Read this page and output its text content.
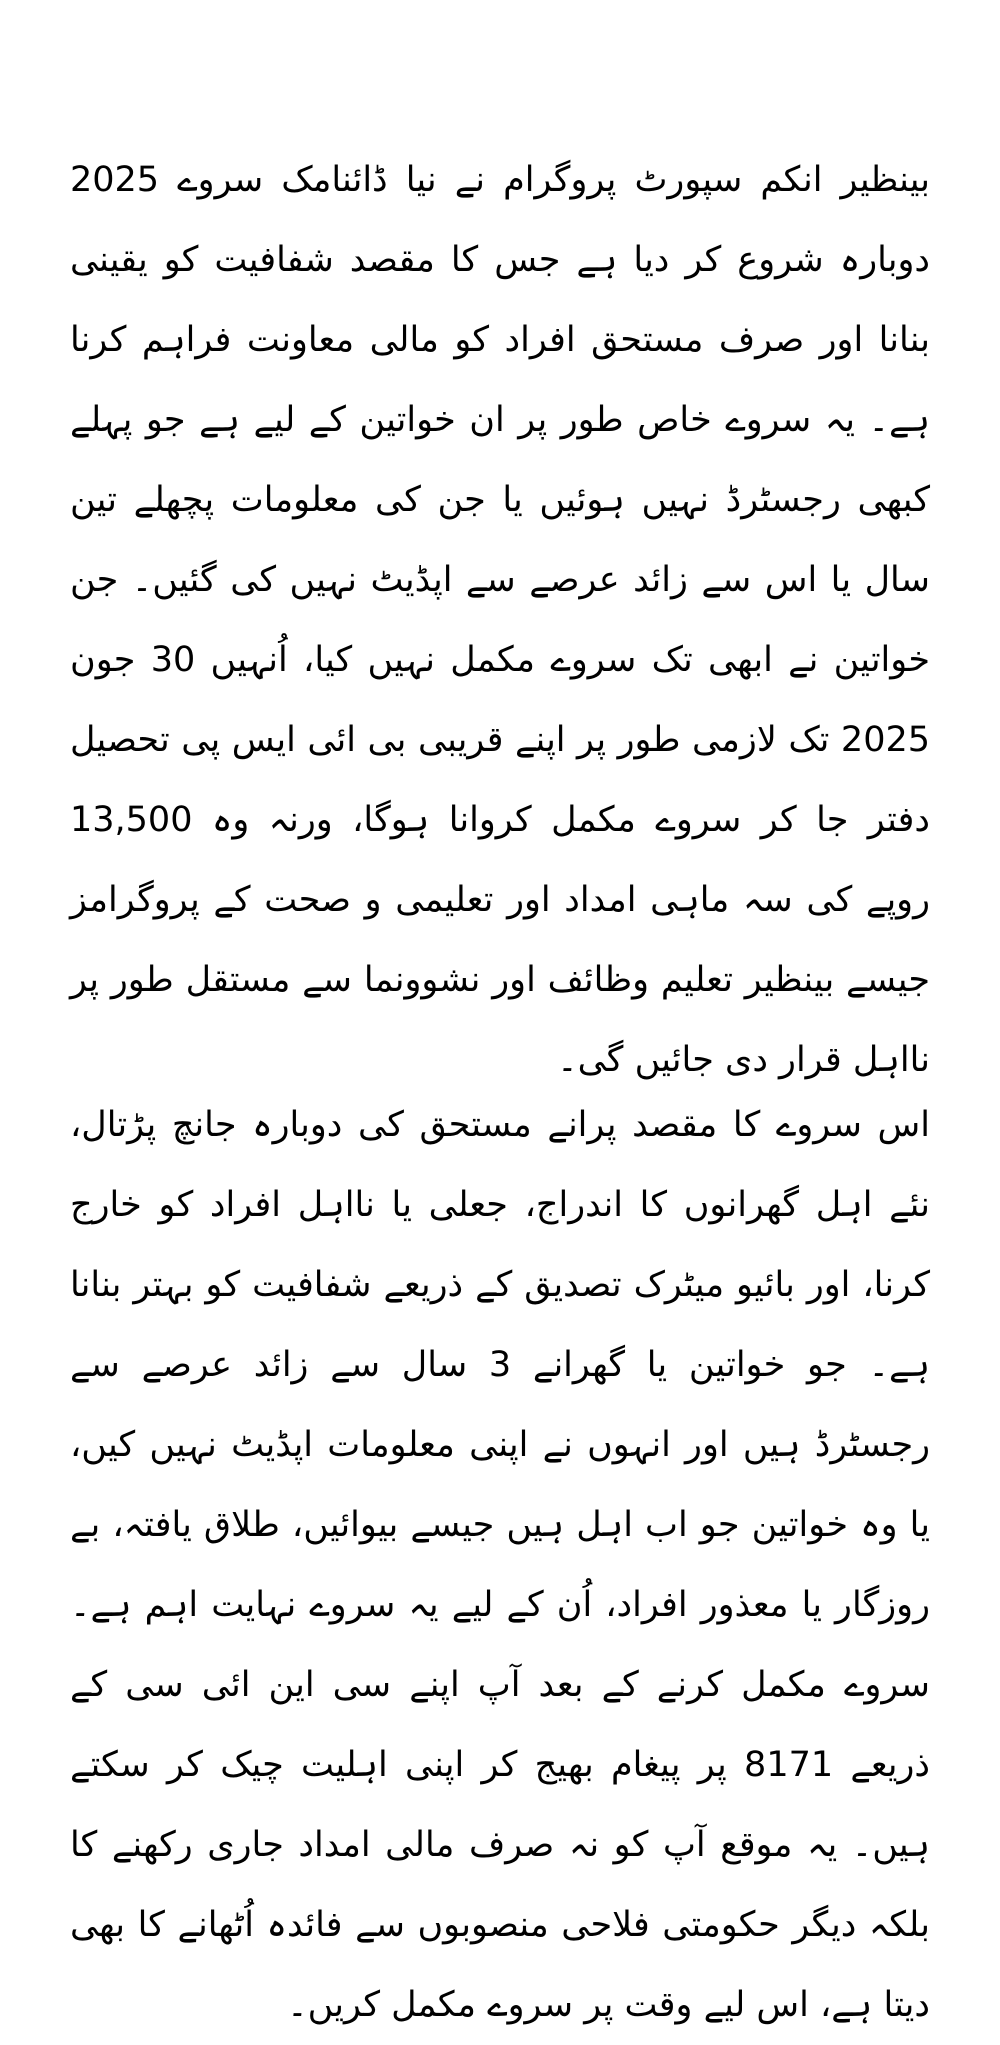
بینظیر انکم سپورٹ پروگرام نے نیا ڈائنامک سروے 2025 دوبارہ شروع کر دیا ہے جس کا مقصد شفافیت کو یقینی بنانا اور صرف مستحق افراد کو مالی معاونت فراہم کرنا ہے۔ یہ سروے خاص طور پر ان خواتین کے لیے ہے جو پہلے کبھی رجسٹرڈ نہیں ہوئیں یا جن کی معلومات پچھلے تین سال یا اس سے زائد عرصے سے اپڈیٹ نہیں کی گئیں۔ جن خواتین نے ابھی تک سروے مکمل نہیں کیا، اُنہیں 30 جون 2025 تک لازمی طور پر اپنے قریبی بی ائی ایس پی تحصیل دفتر جا کر سروے مکمل کروانا ہوگا، ورنہ وہ 13,500 روپے کی سہ ماہی امداد اور تعلیمی و صحت کے پروگرامز جیسے بینظیر تعلیم وظائف اور نشوونما سے مستقل طور پر نااہل قرار دی جائیں گی۔

اس سروے کا مقصد پرانے مستحق کی دوبارہ جانچ پڑتال، نئے اہل گھرانوں کا اندراج، جعلی یا نااہل افراد کو خارج کرنا، اور بائیو میٹرک تصدیق کے ذریعے شفافیت کو بہتر بنانا ہے۔ جو خواتین یا گھرانے 3 سال سے زائد عرصے سے رجسٹرڈ ہیں اور انہوں نے اپنی معلومات اپڈیٹ نہیں کیں، یا وہ خواتین جو اب اہل ہیں جیسے بیوائیں، طلاق یافتہ، بے روزگار یا معذور افراد، اُن کے لیے یہ سروے نہایت اہم ہے۔ سروے مکمل کرنے کے بعد آپ اپنے سی این ائی سی کے ذریعے 8171 پر پیغام بھیج کر اپنی اہلیت چیک کر سکتے ہیں۔ یہ موقع آپ کو نہ صرف مالی امداد جاری رکھنے کا بلکہ دیگر حکومتی فلاحی منصوبوں سے فائدہ اُٹھانے کا بھی دیتا ہے، اس لیے وقت پر سروے مکمل کریں۔
